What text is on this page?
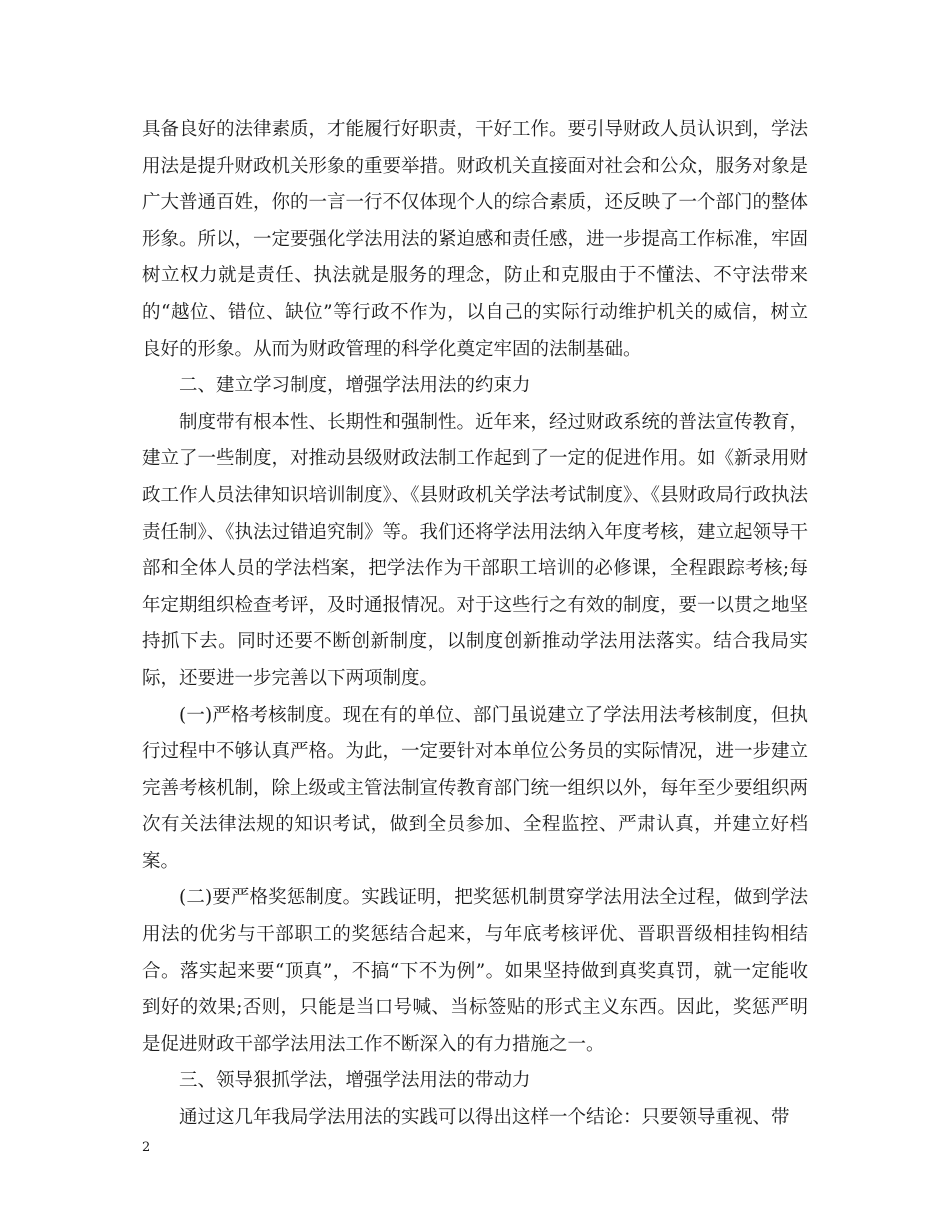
具备良好的法律素质，才能履行好职责，干好工作。要引导财政人员认识到，学法用法是提升财政机关形象的重要举措。财政机关直接面对社会和公众，服务对象是广大普通百姓，你的一言一行不仅体现个人的综合素质，还反映了一个部门的整体形象。所以，一定要强化学法用法的紧迫感和责任感，进一步提高工作标准，牢固树立权力就是责任、执法就是服务的理念，防止和克服由于不懂法、不守法带来的“越位、错位、缺位”等行政不作为，以自己的实际行动维护机关的威信，树立良好的形象。从而为财政管理的科学化奠定牢固的法制基础。

二、建立学习制度，增强学法用法的约束力

制度带有根本性、长期性和强制性。近年来，经过财政系统的普法宣传教育，建立了一些制度，对推动县级财政法制工作起到了一定的促进作用。如《新录用财政工作人员法律知识培训制度》、《县财政机关学法考试制度》、《县财政局行政执法责任制》、《执法过错追究制》等。我们还将学法用法纳入年度考核，建立起领导干部和全体人员的学法档案，把学法作为干部职工培训的必修课，全程跟踪考核;每年定期组织检查考评，及时通报情况。对于这些行之有效的制度，要一以贯之地坚持抓下去。同时还要不断创新制度，以制度创新推动学法用法落实。结合我局实际，还要进一步完善以下两项制度。

(一)严格考核制度。现在有的单位、部门虽说建立了学法用法考核制度，但执行过程中不够认真严格。为此，一定要针对本单位公务员的实际情况，进一步建立完善考核机制，除上级或主管法制宣传教育部门统一组织以外，每年至少要组织两次有关法律法规的知识考试，做到全员参加、全程监控、严肃认真，并建立好档案。

(二)要严格奖惩制度。实践证明，把奖惩机制贯穿学法用法全过程，做到学法用法的优劣与干部职工的奖惩结合起来，与年底考核评优、晋职晋级相挂钩相结合。落实起来要“顶真”，不搞“下不为例”。如果坚持做到真奖真罚，就一定能收到好的效果;否则，只能是当口号喊、当标签贴的形式主义东西。因此，奖惩严明是促进财政干部学法用法工作不断深入的有力措施之一。

三、领导狠抓学法，增强学法用法的带动力

通过这几年我局学法用法的实践可以得出这样一个结论：只要领导重视、带

2
